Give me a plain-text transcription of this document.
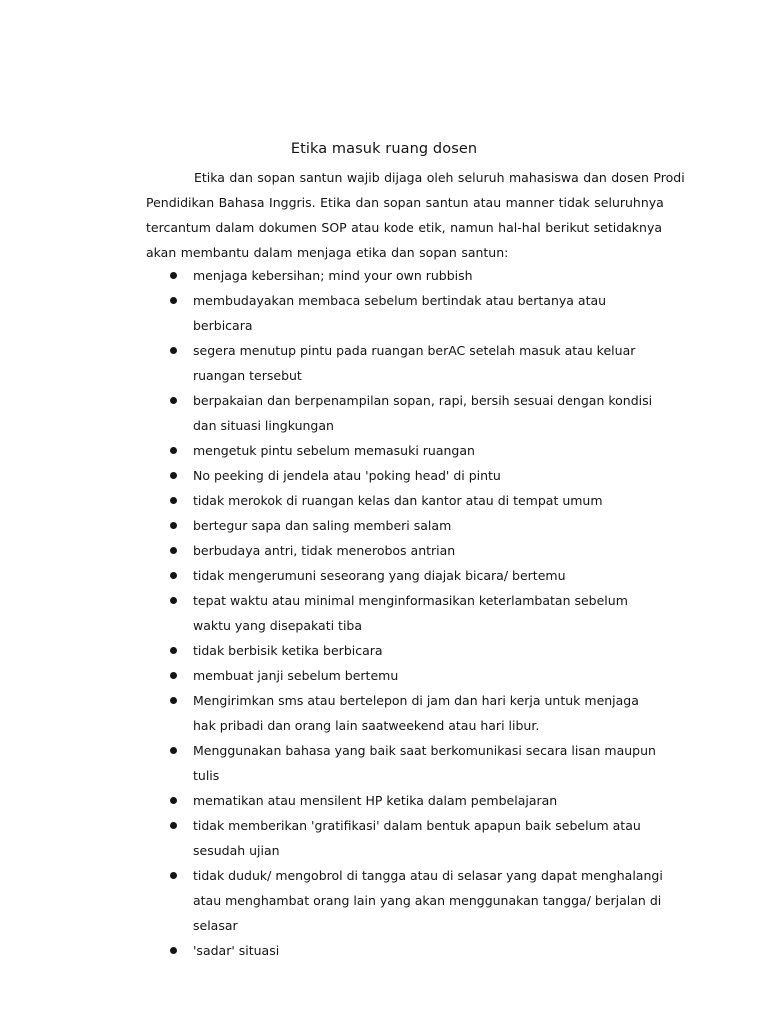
Etika masuk ruang dosen

Etika dan sopan santun wajib dijaga oleh seluruh mahasiswa dan dosen Prodi Pendidikan Bahasa Inggris. Etika dan sopan santun atau manner tidak seluruhnya tercantum dalam dokumen SOP atau kode etik, namun hal-hal berikut setidaknya akan membantu dalam menjaga etika dan sopan santun:

menjaga kebersihan; mind your own rubbish
membudayakan membaca sebelum bertindak atau bertanya atau berbicara
segera menutup pintu pada ruangan berAC setelah masuk atau keluar ruangan tersebut
berpakaian dan berpenampilan sopan, rapi, bersih sesuai dengan kondisi dan situasi lingkungan
mengetuk pintu sebelum memasuki ruangan
No peeking di jendela atau 'poking head' di pintu
tidak merokok di ruangan kelas dan kantor atau di tempat umum
bertegur sapa dan saling memberi salam
berbudaya antri, tidak menerobos antrian
tidak mengerumuni seseorang yang diajak bicara/ bertemu
tepat waktu atau minimal menginformasikan keterlambatan sebelum waktu yang disepakati tiba
tidak berbisik ketika berbicara
membuat janji sebelum bertemu
Mengirimkan sms atau bertelepon di jam dan hari kerja untuk menjaga hak pribadi dan orang lain saatweekend atau hari libur.
Menggunakan bahasa yang baik saat berkomunikasi secara lisan maupun tulis
mematikan atau mensilent HP ketika dalam pembelajaran
tidak memberikan 'gratifikasi' dalam bentuk apapun baik sebelum atau sesudah ujian
tidak duduk/ mengobrol di tangga atau di selasar yang dapat menghalangi atau menghambat orang lain yang akan menggunakan tangga/ berjalan di selasar
'sadar' situasi
